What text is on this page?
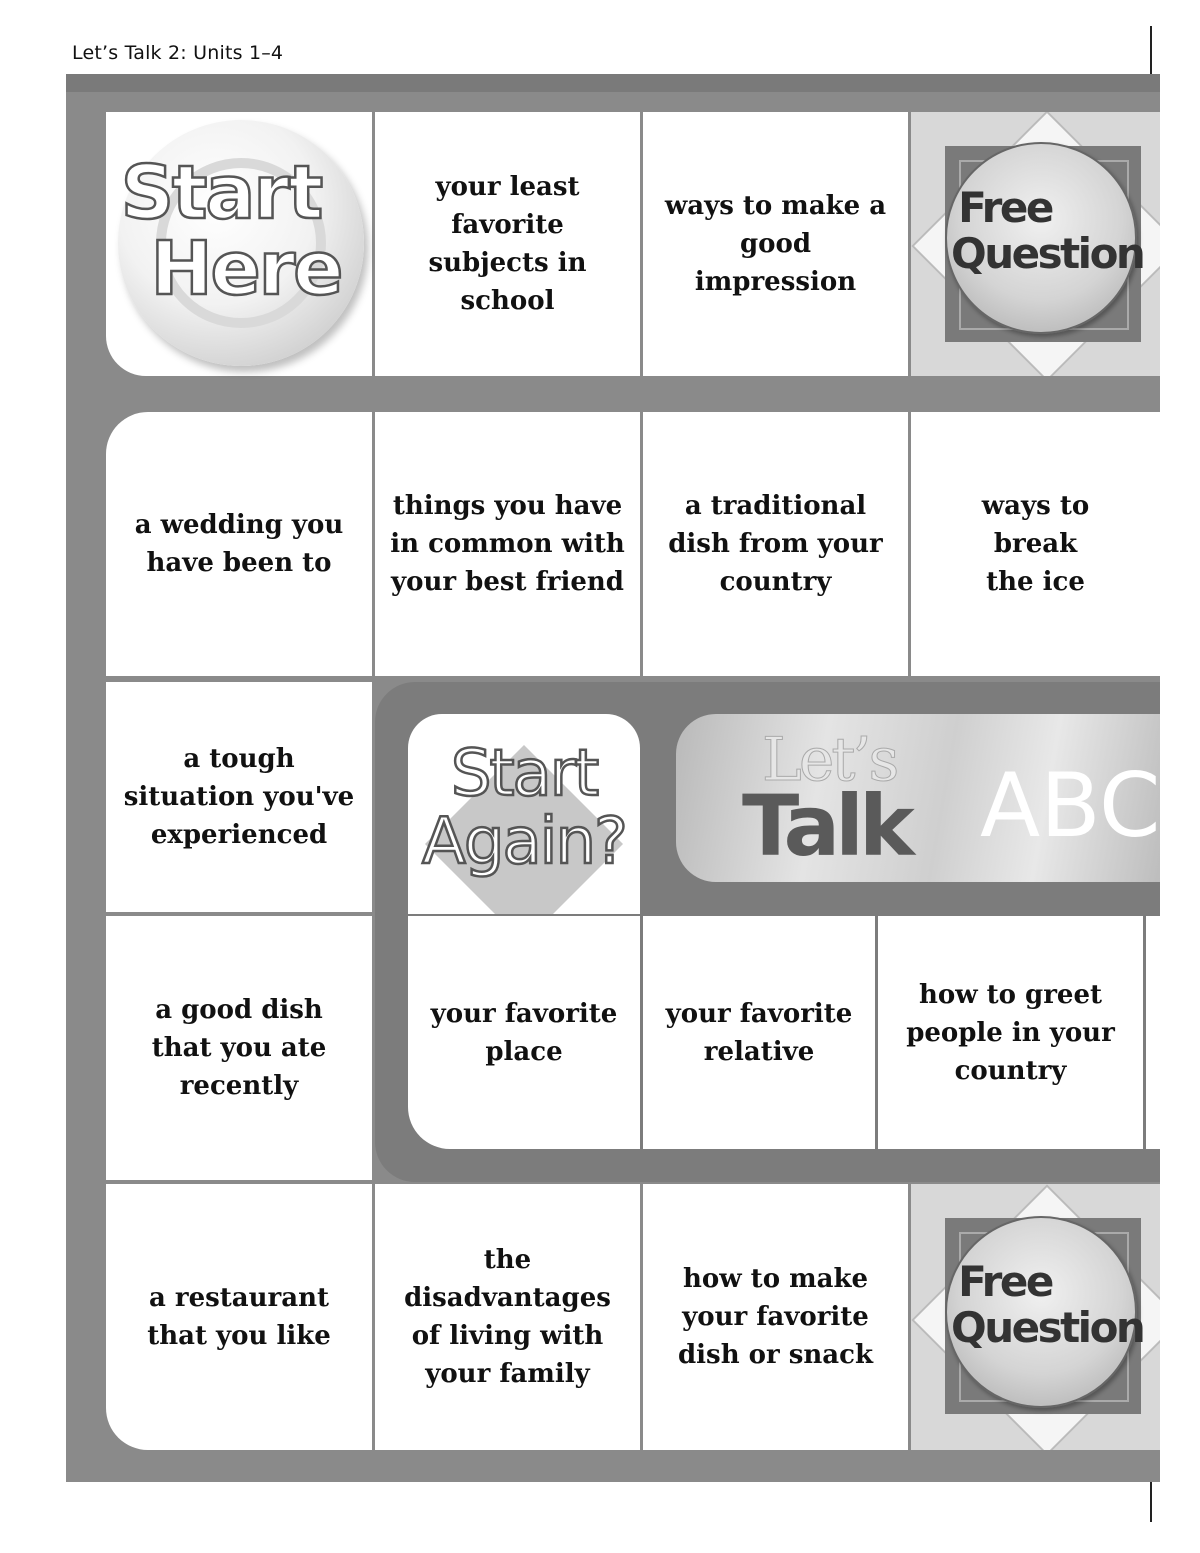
Let’s Talk 2: Units 1–4
Start
Here
your least favorite subjects in school
ways to make a good impression
Free
Question
a wedding you have been to
things you have in common with your best friend
a traditional dish from your country
ways to break the ice
a tough situation you've experienced
a good dish that you ate recently
Start
Again?
Let’s
Talk ABC
your favorite place
your favorite relative
how to greet people in your country
a restaurant that you like
the disadvantages of living with your family
how to make your favorite dish or snack
Free
Question
